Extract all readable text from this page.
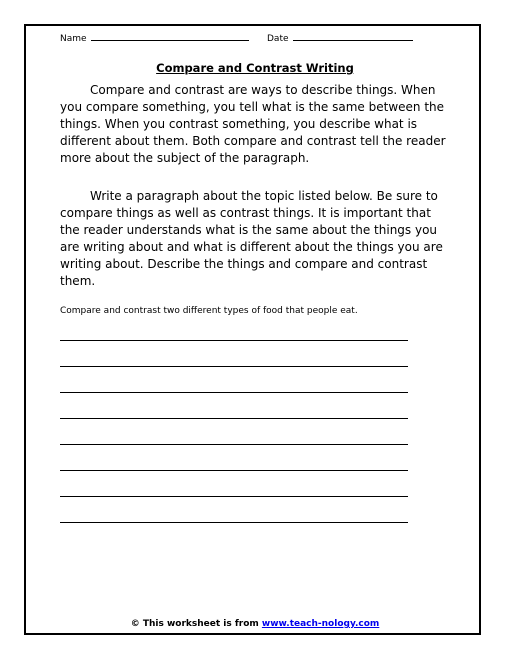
Name	Date
Compare and Contrast Writing

Compare and contrast are ways to describe things. When you compare something, you tell what is the same between the things. When you contrast something, you describe what is different about them. Both compare and contrast tell the reader more about the subject of the paragraph.

Write a paragraph about the topic listed below. Be sure to compare things as well as contrast things. It is important that the reader understands what is the same about the things you are writing about and what is different about the things you are writing about. Describe the things and compare and contrast them.

Compare and contrast two different types of food that people eat.
© This worksheet is from www.teach-nology.com
